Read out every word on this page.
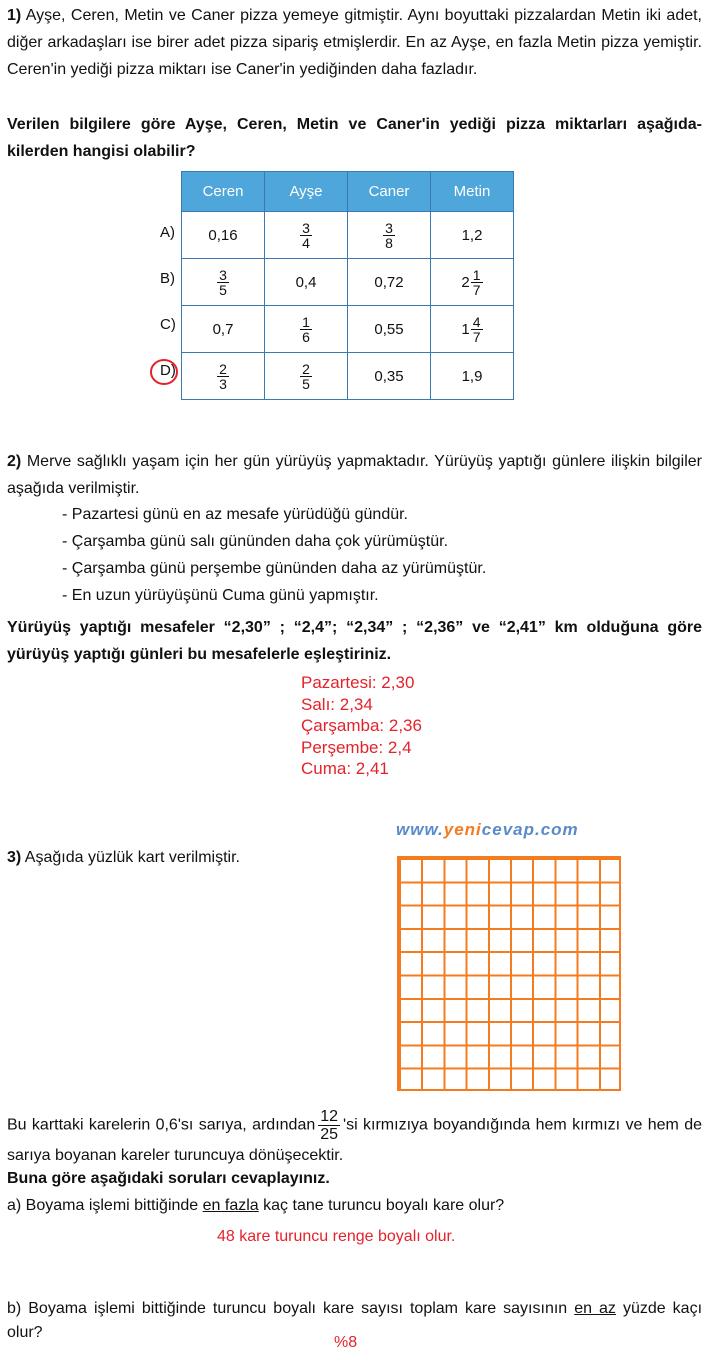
1) Ayşe, Ceren, Metin ve Caner pizza yemeye gitmiştir. Aynı boyuttaki pizzalardan Metin iki adet, diğer arkadaşları ise birer adet pizza sipariş etmişlerdir. En az Ayşe, en fazla Metin pizza yemiştir. Ceren'in yediği pizza miktarı ise Caner'in yediğinden daha fazladır.
Verilen bilgilere göre Ayşe, Ceren, Metin ve Caner'in yediği pizza miktarları aşağıda-kilerden hangisi olabilir?
Ceren	Ayşe	Caner	Metin
0,16	$\frac{3}{4}$	$\frac{3}{8}$	1,2

$\frac{3}{5}$	0,4	0,72	$2 \frac{1}{7}$

0,7	$\frac{1}{6}$	0,55	$1 \frac{4}{7}$

$\frac{2}{3}$	$\frac{2}{5}$	0,35	1,9
A)
B)
C)
D)
2) Merve sağlıklı yaşam için her gün yürüyüş yapmaktadır. Yürüyüş yaptığı günlere ilişkin bilgiler aşağıda verilmiştir.
- Pazartesi günü en az mesafe yürüdüğü gündür.
- Çarşamba günü salı gününden daha çok yürümüştür.
- Çarşamba günü perşembe gününden daha az yürümüştür.
- En uzun yürüyüşünü Cuma günü yapmıştır.
Yürüyüş yaptığı mesafeler “2,30” ; “2,4”; “2,34” ; “2,36” ve “2,41” km olduğuna göre yürüyüş yaptığı günleri bu mesafelerle eşleştiriniz.
Pazartesi: 2,30
Salı: 2,34
Çarşamba: 2,36
Perşembe: 2,4
Cuma: 2,41
www.yenicevap.com
3) Aşağıda yüzlük kart verilmiştir.
Bu karttaki karelerin 0,6'sı sarıya, ardından $\frac{12}{25}$ 'si kırmızıya boyandığında hem kırmızı ve hem de sarıya boyanan kareler turuncuya dönüşecektir.
Buna göre aşağıdaki soruları cevaplayınız.
a) Boyama işlemi bittiğinde en fazla kaç tane turuncu boyalı kare olur?
48 kare turuncu renge boyalı olur.
b) Boyama işlemi bittiğinde turuncu boyalı kare sayısı toplam kare sayısının en az yüzde kaçı olur?
%8
